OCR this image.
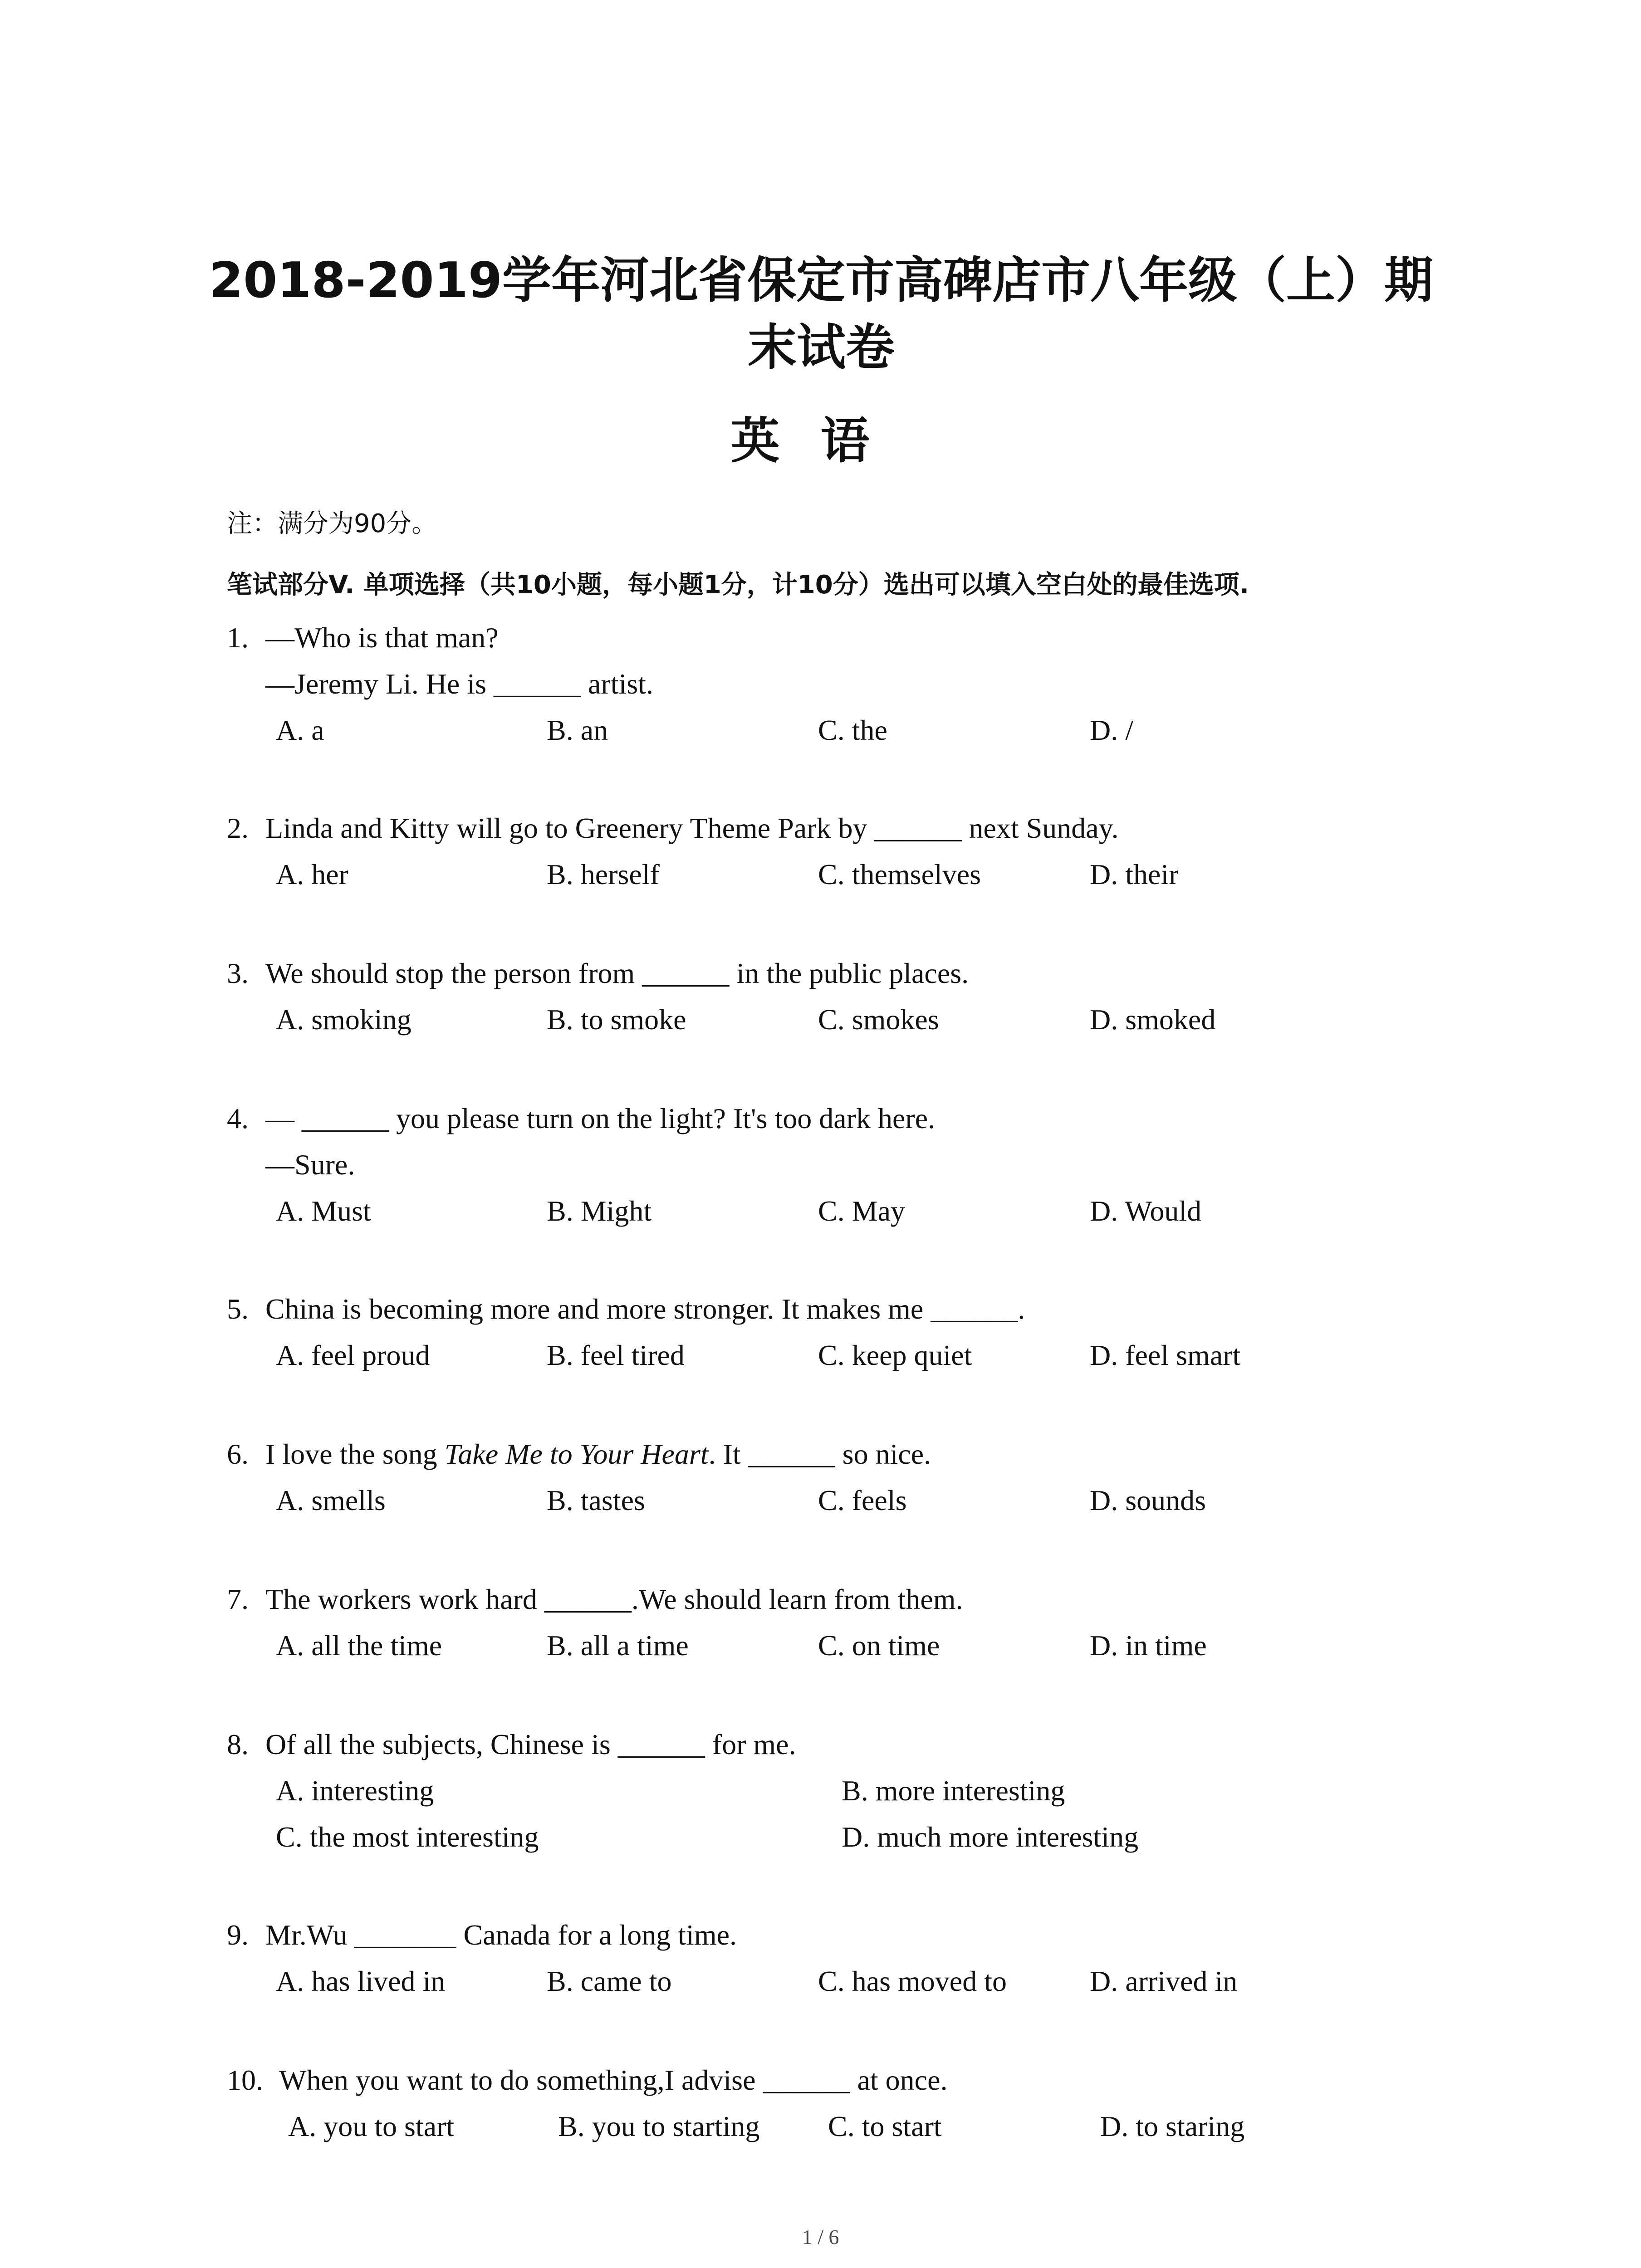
2018-2019学年河北省保定市高碑店市八年级（上）期
末试卷
英语
注：满分为90分。
笔试部分V. 单项选择（共10小题，每小题1分，计10分）选出可以填入空白处的最佳选项.
1. —Who is that man?
—Jeremy Li. He is ______ artist.
A. a	B. an	C. the	D. /
2. Linda and Kitty will go to Greenery Theme Park by ______ next Sunday.
A. her	B. herself	C. themselves	D. their
3. We should stop the person from ______ in the public places.
A. smoking	B. to smoke	C. smokes	D. smoked
4. — ______ you please turn on the light? It's too dark here.
—Sure.
A. Must	B. Might	C. May	D. Would
5. China is becoming more and more stronger. It makes me ______.
A. feel proud	B. feel tired	C. keep quiet	D. feel smart
6. I love the song Take Me to Your Heart. It ______ so nice.
A. smells	B. tastes	C. feels	D. sounds
7. The workers work hard ______.We should learn from them.
A. all the time	B. all a time	C. on time	D. in time
8. Of all the subjects, Chinese is ______ for me.
A. interesting	B. more interesting
C. the most interesting	D. much more interesting
9. Mr.Wu _______ Canada for a long time.
A. has lived in	B. came to	C. has moved to	D. arrived in
10. When you want to do something,I advise ______ at once.
A. you to start	B. you to starting C. to start	D. to staring
1 / 6
